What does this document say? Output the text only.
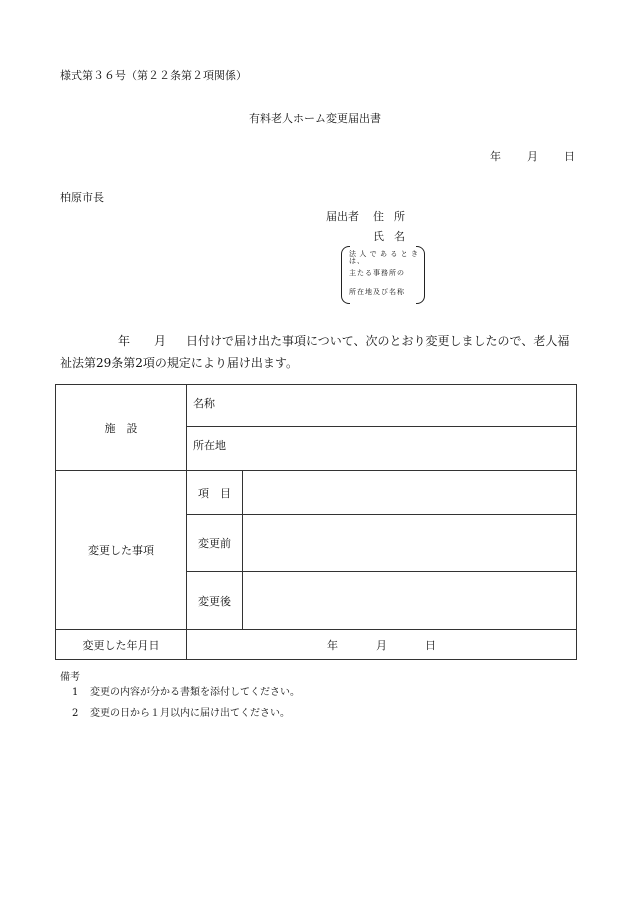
様式第３６号（第２２条第２項関係）
有料老人ホーム変更届出書
年 月 日
柏原市長
届出者 住所
氏名
法人であるときは、
主たる事務所の
所在地及び名称
年 月 日付けで届け出た事項について、次のとおり変更しましたので、老人福
祉法第29条第2項の規定により届け出ます。
施　設	名称	
	所在地	
変更した事項	項　目	
	変更前	
	変更後	
変更した年月日	年 月 日	
備考
1 変更の内容が分かる書類を添付してください。
2 変更の日から１月以内に届け出てください。
